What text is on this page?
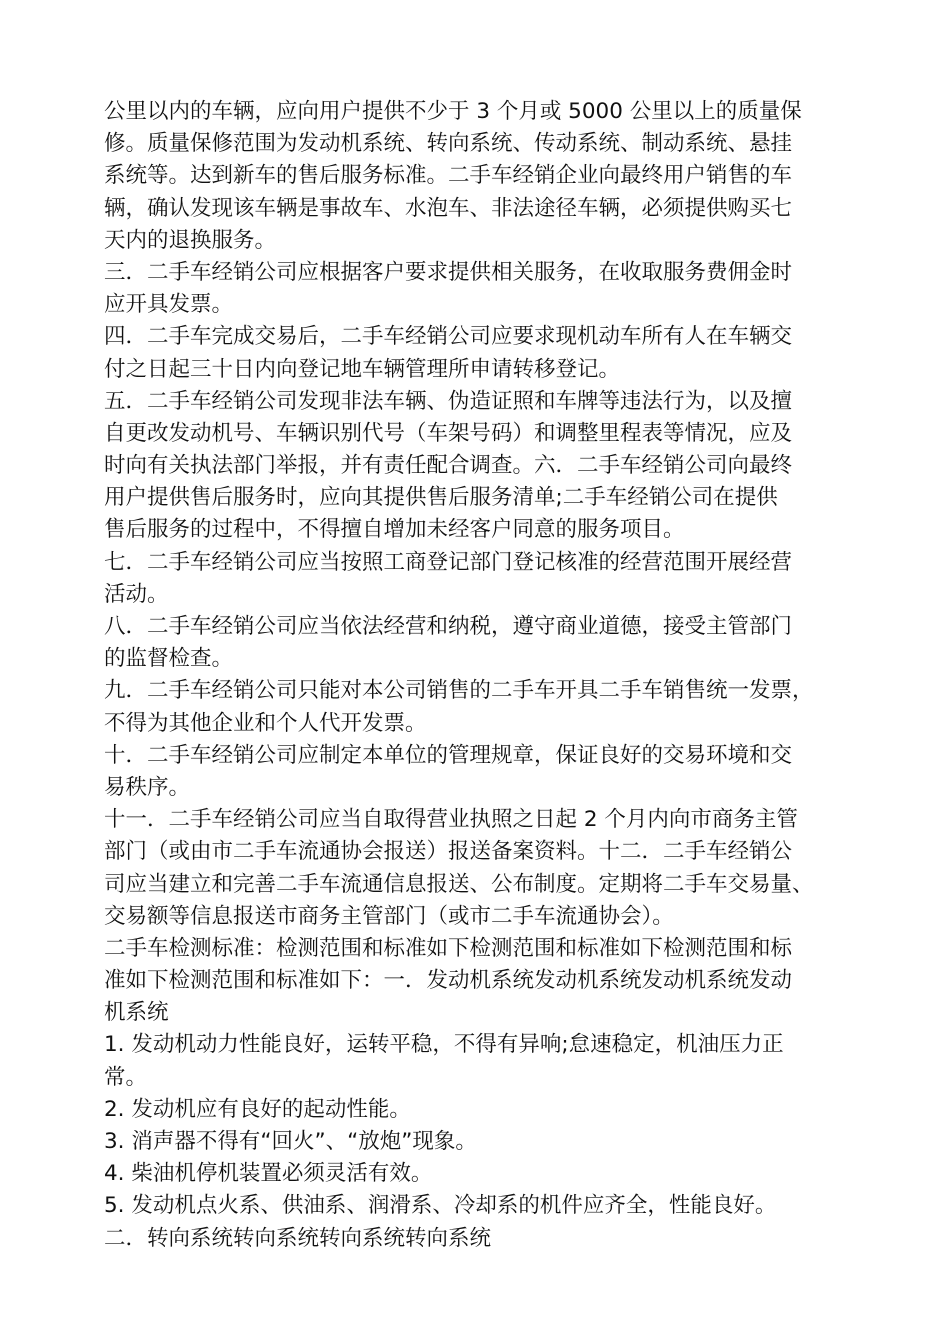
公里以内的车辆，应向用户提供不少于 3 个月或 5000 公里以上的质量保
修。质量保修范围为发动机系统、转向系统、传动系统、制动系统、悬挂
系统等。达到新车的售后服务标准。二手车经销企业向最终用户销售的车
辆，确认发现该车辆是事故车、水泡车、非法途径车辆，必须提供购买七
天内的退换服务。
三．二手车经销公司应根据客户要求提供相关服务，在收取服务费佣金时
应开具发票。
四．二手车完成交易后，二手车经销公司应要求现机动车所有人在车辆交
付之日起三十日内向登记地车辆管理所申请转移登记。
五．二手车经销公司发现非法车辆、伪造证照和车牌等违法行为，以及擅
自更改发动机号、车辆识别代号（车架号码）和调整里程表等情况，应及
时向有关执法部门举报，并有责任配合调查。六．二手车经销公司向最终
用户提供售后服务时，应向其提供售后服务清单;二手车经销公司在提供
售后服务的过程中，不得擅自增加未经客户同意的服务项目。
七．二手车经销公司应当按照工商登记部门登记核准的经营范围开展经营
活动。
八．二手车经销公司应当依法经营和纳税，遵守商业道德，接受主管部门
的监督检查。
九．二手车经销公司只能对本公司销售的二手车开具二手车销售统一发票，
不得为其他企业和个人代开发票。
十．二手车经销公司应制定本单位的管理规章，保证良好的交易环境和交
易秩序。
十一．二手车经销公司应当自取得营业执照之日起 2 个月内向市商务主管
部门（或由市二手车流通协会报送）报送备案资料。十二．二手车经销公
司应当建立和完善二手车流通信息报送、公布制度。定期将二手车交易量、
交易额等信息报送市商务主管部门（或市二手车流通协会）。
二手车检测标准：检测范围和标准如下检测范围和标准如下检测范围和标
准如下检测范围和标准如下：一．发动机系统发动机系统发动机系统发动
机系统
1. 发动机动力性能良好，运转平稳，不得有异响;怠速稳定，机油压力正
常。
2. 发动机应有良好的起动性能。
3. 消声器不得有“回火”、“放炮”现象。
4. 柴油机停机装置必须灵活有效。
5. 发动机点火系、供油系、润滑系、冷却系的机件应齐全，性能良好。
二．转向系统转向系统转向系统转向系统
